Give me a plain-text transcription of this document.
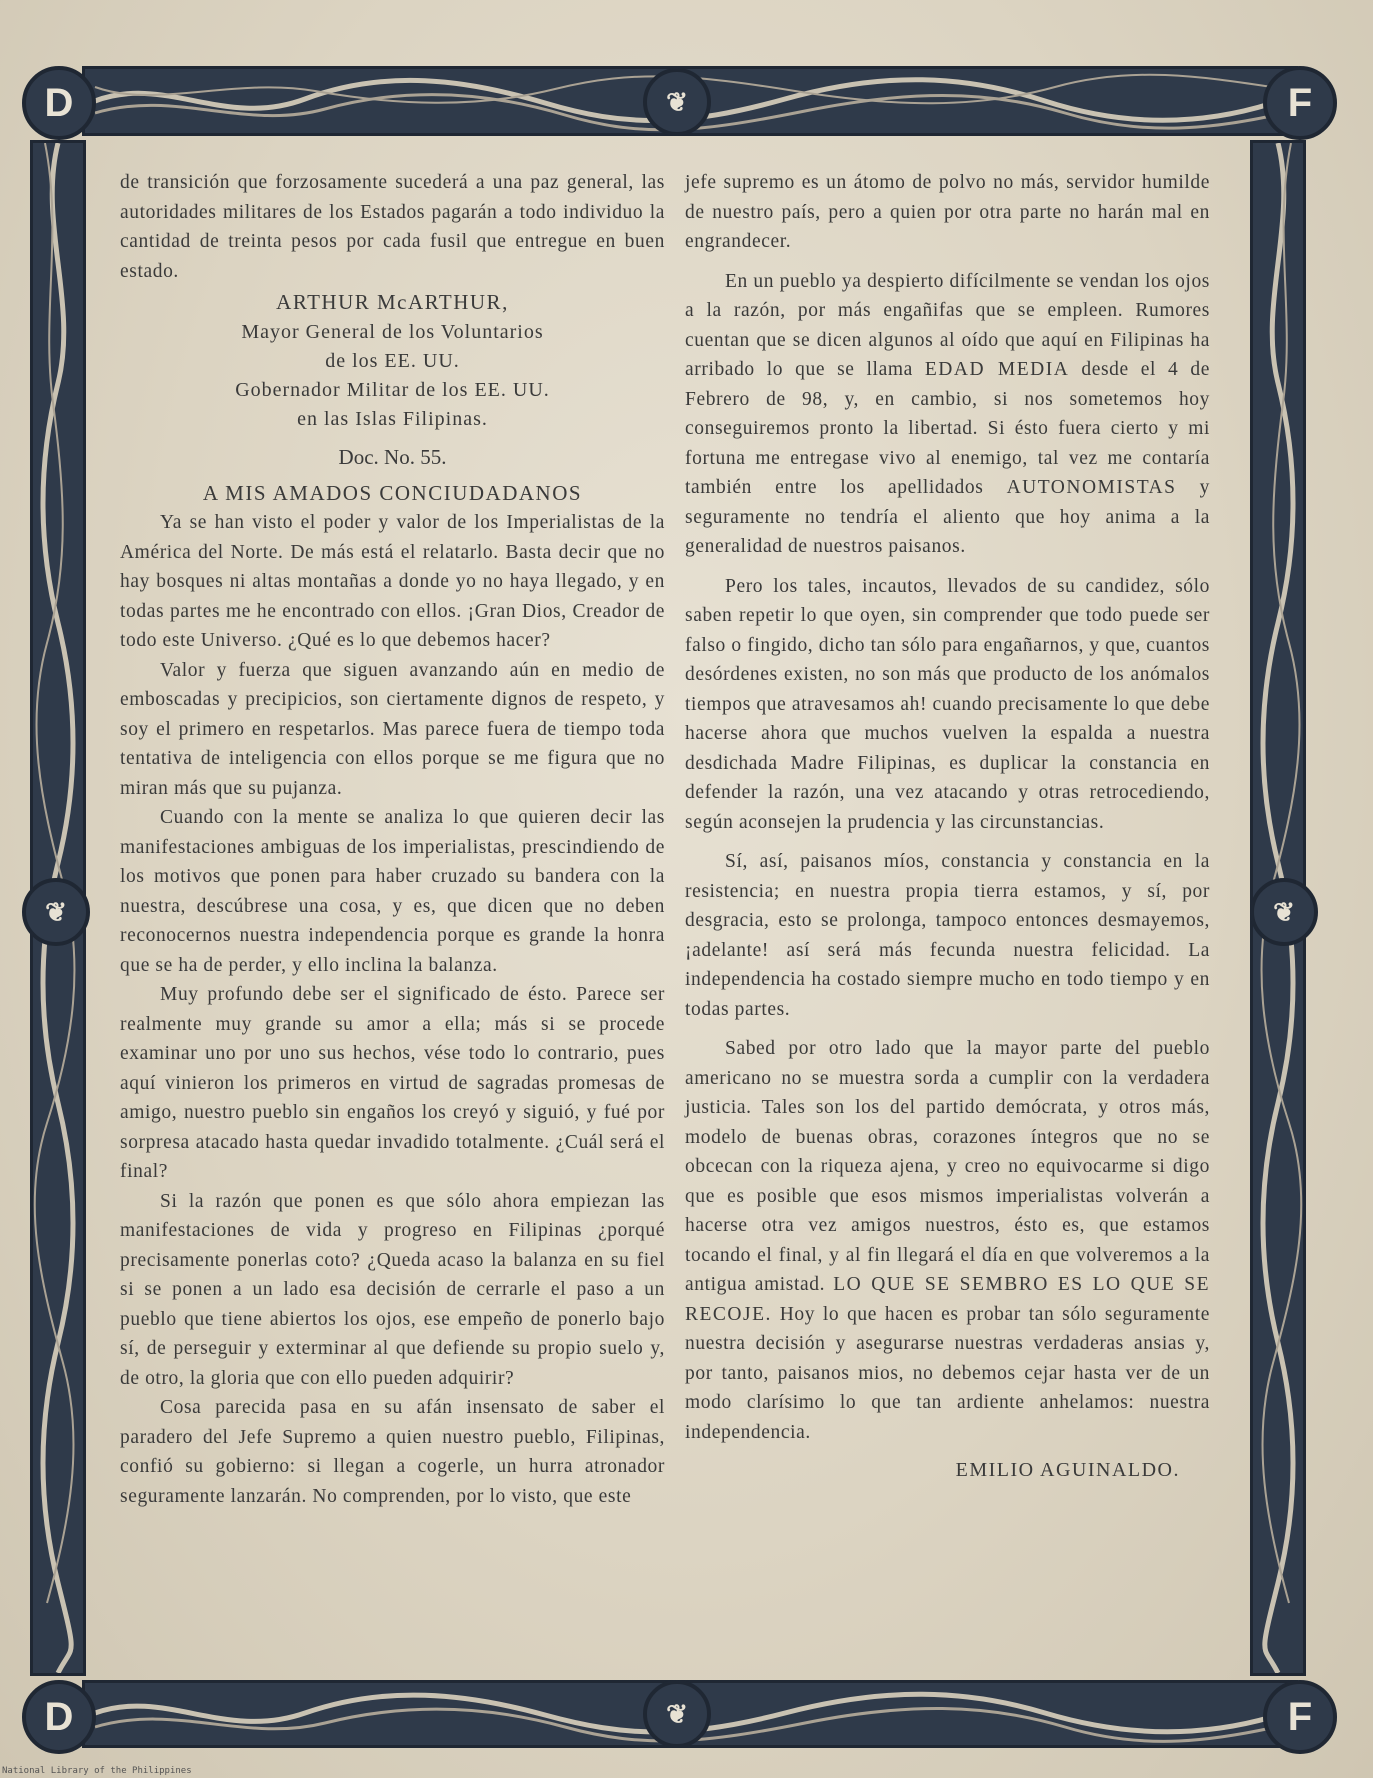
D	F
D	F
❦
❦
❦	❦

de transición que forzosamente sucederá a una paz general, las autoridades militares de los Estados pagarán a todo individuo la cantidad de treinta pesos por cada fusil que entregue en buen estado.

ARTHUR McARTHUR,
Mayor General de los Voluntarios
de los EE. UU.
Gobernador Militar de los EE. UU.
en las Islas Filipinas.
Doc. No. 55.
A MIS AMADOS CONCIUDADANOS

Ya se han visto el poder y valor de los Imperialistas de la América del Norte. De más está el relatarlo. Basta decir que no hay bosques ni altas montañas a donde yo no haya llegado, y en todas partes me he encontrado con ellos. ¡Gran Dios, Creador de todo este Universo. ¿Qué es lo que debemos hacer?

Valor y fuerza que siguen avanzando aún en medio de emboscadas y precipicios, son ciertamente dignos de respeto, y soy el primero en respetarlos. Mas parece fuera de tiempo toda tentativa de inteligencia con ellos porque se me figura que no miran más que su pujanza.

Cuando con la mente se analiza lo que quieren decir las manifestaciones ambiguas de los imperialistas, prescindiendo de los motivos que ponen para haber cruzado su bandera con la nuestra, descúbrese una cosa, y es, que dicen que no deben reconocernos nuestra independencia porque es grande la honra que se ha de perder, y ello inclina la balanza.

Muy profundo debe ser el significado de ésto. Parece ser realmente muy grande su amor a ella; más si se procede examinar uno por uno sus hechos, vése todo lo contrario, pues aquí vinieron los primeros en virtud de sagradas promesas de amigo, nuestro pueblo sin engaños los creyó y siguió, y fué por sorpresa atacado hasta quedar invadido totalmente. ¿Cuál será el final?

Si la razón que ponen es que sólo ahora empiezan las manifestaciones de vida y progreso en Filipinas ¿porqué precisamente ponerlas coto? ¿Queda acaso la balanza en su fiel si se ponen a un lado esa decisión de cerrarle el paso a un pueblo que tiene abiertos los ojos, ese empeño de ponerlo bajo sí, de perseguir y exterminar al que defiende su propio suelo y, de otro, la gloria que con ello pueden adquirir?

Cosa parecida pasa en su afán insensato de saber el paradero del Jefe Supremo a quien nuestro pueblo, Filipinas, confió su gobierno: si llegan a cogerle, un hurra atronador seguramente lanzarán. No comprenden, por lo visto, que este

jefe supremo es un átomo de polvo no más, servidor humilde de nuestro país, pero a quien por otra parte no harán mal en engrandecer.

En un pueblo ya despierto difícilmente se vendan los ojos a la razón, por más engañifas que se empleen. Rumores cuentan que se dicen algunos al oído que aquí en Filipinas ha arribado lo que se llama EDAD MEDIA desde el 4 de Febrero de 98, y, en cambio, si nos sometemos hoy conseguiremos pronto la libertad. Si ésto fuera cierto y mi fortuna me entregase vivo al enemigo, tal vez me contaría también entre los apellidados AUTONOMISTAS y seguramente no tendría el aliento que hoy anima a la generalidad de nuestros paisanos.

Pero los tales, incautos, llevados de su candidez, sólo saben repetir lo que oyen, sin comprender que todo puede ser falso o fingido, dicho tan sólo para engañarnos, y que, cuantos desórdenes existen, no son más que producto de los anómalos tiempos que atravesamos ah! cuando precisamente lo que debe hacerse ahora que muchos vuelven la espalda a nuestra desdichada Madre Filipinas, es duplicar la constancia en defender la razón, una vez atacando y otras retrocediendo, según aconsejen la prudencia y las circunstancias.

Sí, así, paisanos míos, constancia y constancia en la resistencia; en nuestra propia tierra estamos, y sí, por desgracia, esto se prolonga, tampoco entonces desmayemos, ¡adelante! así será más fecunda nuestra felicidad. La independencia ha costado siempre mucho en todo tiempo y en todas partes.

Sabed por otro lado que la mayor parte del pueblo americano no se muestra sorda a cumplir con la verdadera justicia. Tales son los del partido demócrata, y otros más, modelo de buenas obras, corazones íntegros que no se obcecan con la riqueza ajena, y creo no equivocarme si digo que es posible que esos mismos imperialistas volverán a hacerse otra vez amigos nuestros, ésto es, que estamos tocando el final, y al fin llegará el día en que volveremos a la antigua amistad. LO QUE SE SEMBRO ES LO QUE SE RECOJE. Hoy lo que hacen es probar tan sólo seguramente nuestra decisión y asegurarse nuestras verdaderas ansias y, por tanto, paisanos mios, no debemos cejar hasta ver de un modo clarísimo lo que tan ardiente anhelamos: nuestra independencia.

EMILIO AGUINALDO.
National Library of the Philippines
